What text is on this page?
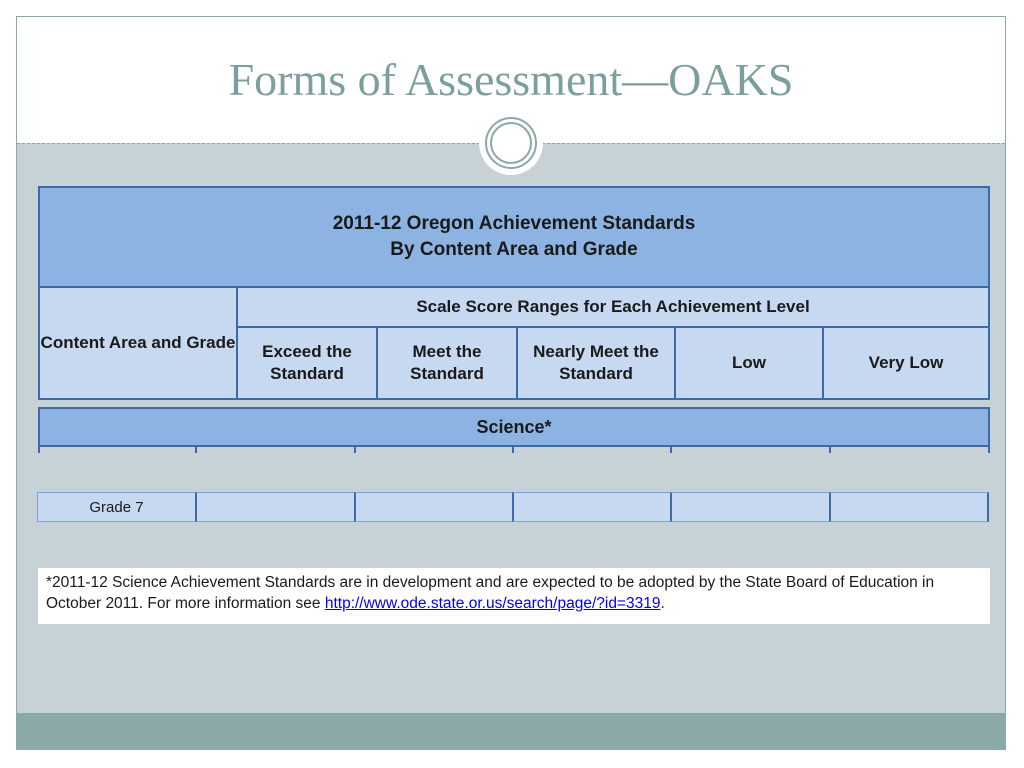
Forms of Assessment—OAKS
2011-12 Oregon Achievement Standards
By Content Area and Grade
Content Area and Grade
Scale Score Ranges for Each Achievement Level
Exceed the Standard
Meet the Standard
Nearly Meet the Standard
Low	Very Low
Science*
Grade 7
*2011-12 Science Achievement Standards are in development and are expected to be adopted by the State Board of Education in October 2011. For more information see http://www.ode.state.or.us/search/page/?id=3319.
